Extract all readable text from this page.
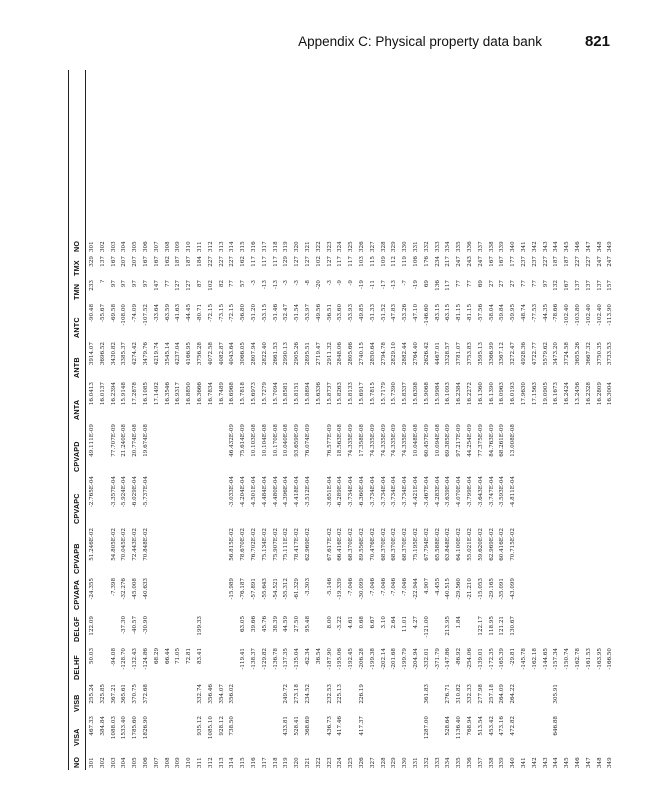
Appendix C: Physical property data bank	821
NO
VISA
VISB
DELHF
DELGF
CPVAPA
CPVAPB
CPVAPC
CPVAPD
ANTA
ANTB
ANTC
TMN
TMX
NO
301
467.33
255.24
50.03
122.09
-24.355
51.246E-02
-2.765E-04
49.111E-09
16.0413
3914.07
-90.48
233
329
301
302
384.84
325.85
16.0137
3696.52
-55.67
?
137
302
303
1088.03
367.21
-94.08
-7.398
54.805E-02
-3.357E-04
77.707E-09
16.2394
3430.82
-69.58
97
167
303
304
1533.40
365.61
-128.70
-37.30
-32.276
70.045E-02
-5.924E-04
21.240E-08
15.9148
3385.37
-108.00
97
207
304
305
1785.60
370.75
-132.43
-40.57
-45.008
72.443E-02
-6.029E-04
20.774E-08
17.2878
4274.42
-74.09
97
207
305
306
1826.90
372.68
-124.86
-30.90
-40.633
70.848E-02
-5.737E-04
19.674E-08
16.1085
3479.76
-107.52
97
167
306
307
68.29
17.1492
4219.74
-33.64
147
167
307
308
66.44
16.3546
3545.14
-63.59
77
162
308
309
71.05
16.9317
4237.04
-41.63
127
187
309
310
72.81
16.8850
4166.95
-44.45
127
187
310
311
935.12
332.74
83.41
199.33
16.3666
3756.28
-80.71
87
184
311
312
1085.10
356.46
16.7834
4072.58
-72.15
102
227
312
313
928.12
354.07
16.7489
4082.87
-73.15
82
227
313
314
738.50
356.02
-15.989
56.815E-02
-3.033E-04
46.432E-09
16.6968
4043.64
-72.15
77
227
314
315
-119.41
63.05
-76.187
78.670E-02
-4.204E-04
75.614E-09
15.7818
3066.05
-56.80
57
162
315
316
-138.37
39.66
-57.891
76.702E-02
-4.501E-04
10.103E-08
15.6973
2807.94
-51.20
-3
117
316
317
-129.82
45.76
-55.643
75.134E-02
-4.484E-04
10.104E-08
15.7279
2822.40
-53.15
-13
117
317
318
-136.78
38.39
-54.521
75.907E-02
-4.480E-04
10.170E-08
15.7094
2661.53
-51.46
-13
117
318
319
433.81
249.72
-137.35
44.59
-55.312
75.111E-02
-4.396E-04
10.040E-08
15.8581
2990.13
-52.47
-3
129
319
320
528.41
273.18
-135.04
27.50
-61.329
78.417E-02
-4.418E-04
93.659E-09
15.8151
2905.26
-51.54
-3
127
320
321
368.69
234.52
-62.34
95.48
-3.303
62.969E-02
-3.512E-04
76.074E-09
15.8894
2895.51
-53.97
-8
127
321
322
36.54
15.6336
2719.47
-49.56
-20
102
322
323
436.73
232.53
-187.90
8.00
-5.146
67.617E-02
-3.651E-04
76.577E-09
15.8737
2911.32
-56.51
-3
127
323
324
417.46
225.13
-195.06
-3.22
-19.339
66.416E-02
-6.289E-04
18.563E-08
15.8263
2848.06
-53.60
-9
117
324
325
-192.45
4.61
-7.046
68.370E-02
-3.734E-04
74.335E-09
15.8133
2805.66
-53.93
-9
117
325
326
417.37
226.19
-206.28
0.68
-30.099
89.556E-02
-6.360E-04
17.358E-08
15.6917
2740.15
-49.85
-19
103
326
327
-199.38
6.67
-7.046
70.476E-02
-3.734E-04
74.335E-09
15.7815
2850.64
-51.33
-11
115
327
328
-202.14
3.10
-7.046
68.370E-02
-3.734E-04
74.335E-09
15.7179
2794.78
-51.52
-17
109
328
329
-201.68
2.64
-7.046
68.370E-02
-3.734E-04
74.335E-09
15.7390
2829.10
-47.83
-13
112
329
330
-199.79
11.01
-7.046
68.370E-02
-3.734E-04
74.335E-09
15.8337
2882.44
-53.26
-7
119
330
331
-204.94
4.27
-22.944
75.195E-02
-4.421E-04
10.048E-08
15.6398
2764.40
-47.10
-19
106
331
332
1287.00
361.83
-332.01
-121.00
4.907
67.794E-02
-3.467E-04
60.457E-09
15.9068
2626.42
-146.60
69
176
332
333
-371.79
-4.455
65.588E-02
-4.283E-04
10.094E-08
15.9984
4467.01
-83.15
136
234
333
334
528.64
276.71
-147.86
213.95
-40.515
63.848E-02
-3.639E-04
69.385E-09
16.1093
3328.57
-63.15
117
217
334
335
1136.40
310.82
-86.92
1.84
-29.560
64.100E-02
-4.070E-04
97.217E-09
16.2384
3781.07
-81.15
77
247
335
336
768.94
332.33
-254.06
-21.210
55.021E-02
-3.799E-04
44.254E-09
16.2272
3753.83
-81.15
77
243
336
337
513.54
277.98
-139.01
122.17
-15.053
59.620E-02
-3.643E-04
77.375E-09
16.1360
3595.13
-57.56
69
247
337
338
453.42
257.18
-172.35
118.95
-29.165
62.969E-02
-3.747E-04
84.763E-09
16.1390
3366.99
-58.04
27
167
338
339
473.16
264.09
-165.39
121.21
-35.091
60.416E-02
-3.593E-04
68.261E-09
16.0963
3367.12
-59.84
27
167
339
340
472.82
264.22
-29.81
130.67
-43.099
70.715E-02
-4.811E-04
13.008E-08
16.0193
3272.47
-59.95
27
177
340
341
-145.78
17.9630
4928.36
-48.74
77
237
341
342
-162.18
17.1563
4722.77
-77.53
77
237
342
343
-144.65
19.0905
5579.62
-44.35
97
227
343
344
646.88
305.91
-157.34
16.1673
3473.20
-78.66
132
187
344
345
-150.74
16.2424
3724.58
-102.40
167
187
345
346
-162.78
13.2456
3655.26
-103.80
137
227
346
347
-161.53
16.2328
3667.32
-102.40
137
227
347
348
-163.95
16.2809
3750.35
-102.40
137
247
348
349
-166.50
16.3004
3733.53
-113.90
157
247
349
